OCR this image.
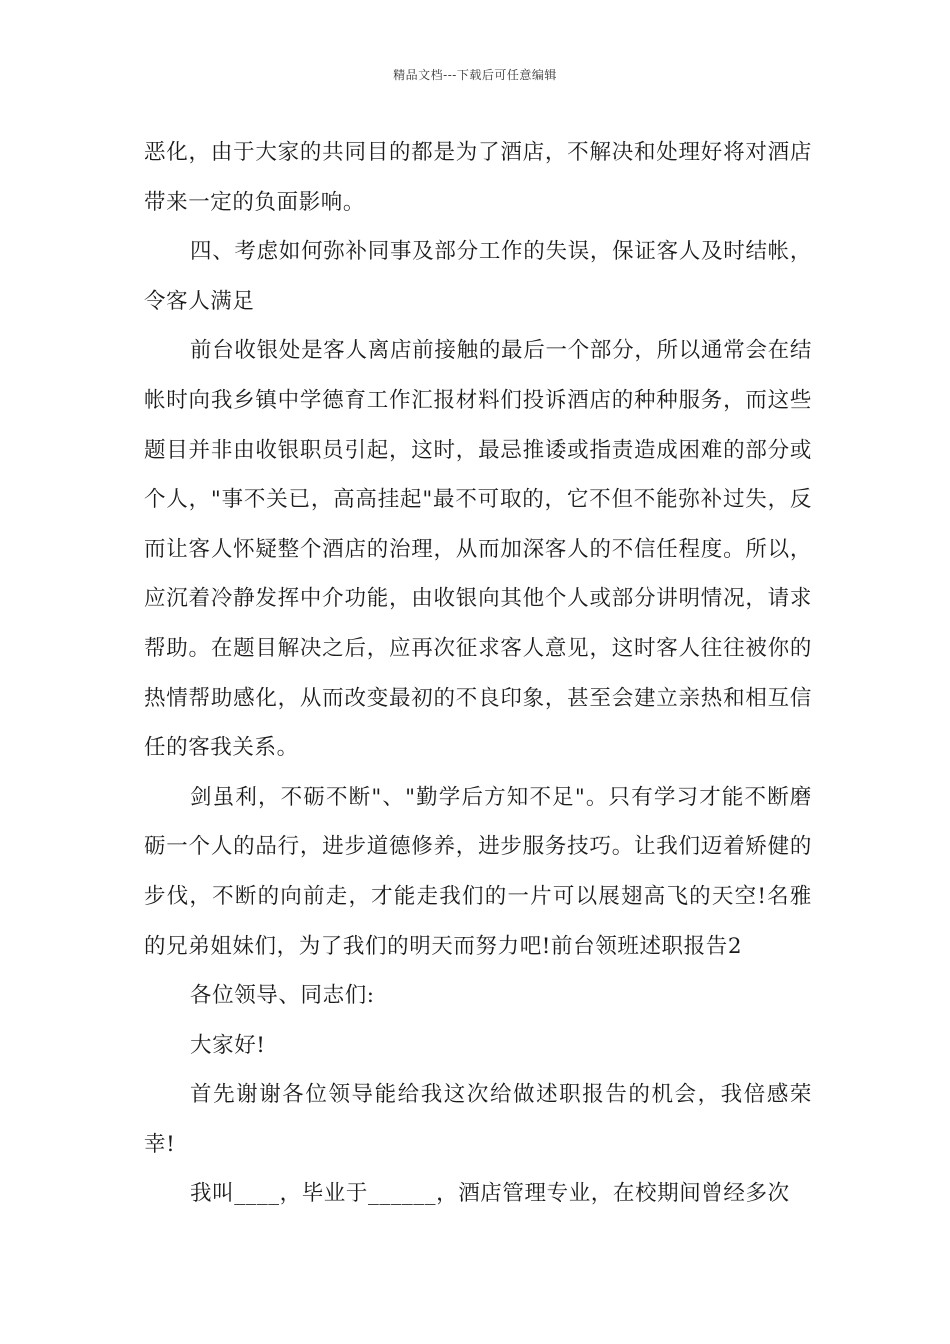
精品文档---下载后可任意编辑

恶化，由于大家的共同目的都是为了酒店，不解决和处理好将对酒店带来一定的负面影响。

四、考虑如何弥补同事及部分工作的失误，保证客人及时结帐，令客人满足

前台收银处是客人离店前接触的最后一个部分，所以通常会在结帐时向我乡镇中学德育工作汇报材料们投诉酒店的种种服务，而这些题目并非由收银职员引起，这时，最忌推诿或指责造成困难的部分或个人，"事不关已，高高挂起"最不可取的，它不但不能弥补过失，反而让客人怀疑整个酒店的治理，从而加深客人的不信任程度。所以，应沉着冷静发挥中介功能，由收银向其他个人或部分讲明情况，请求帮助。在题目解决之后，应再次征求客人意见，这时客人往往被你的热情帮助感化，从而改变最初的不良印象，甚至会建立亲热和相互信任的客我关系。

剑虽利，不砺不断"、"勤学后方知不足"。只有学习才能不断磨砺一个人的品行，进步道德修养，进步服务技巧。让我们迈着矫健的步伐，不断的向前走，才能走我们的一片可以展翅高飞的天空!名雅的兄弟姐妹们，为了我们的明天而努力吧!前台领班述职报告2

各位领导、同志们:

大家好!

首先谢谢各位领导能给我这次给做述职报告的机会，我倍感荣幸!

我叫____，毕业于______，酒店管理专业，在校期间曾经多次
